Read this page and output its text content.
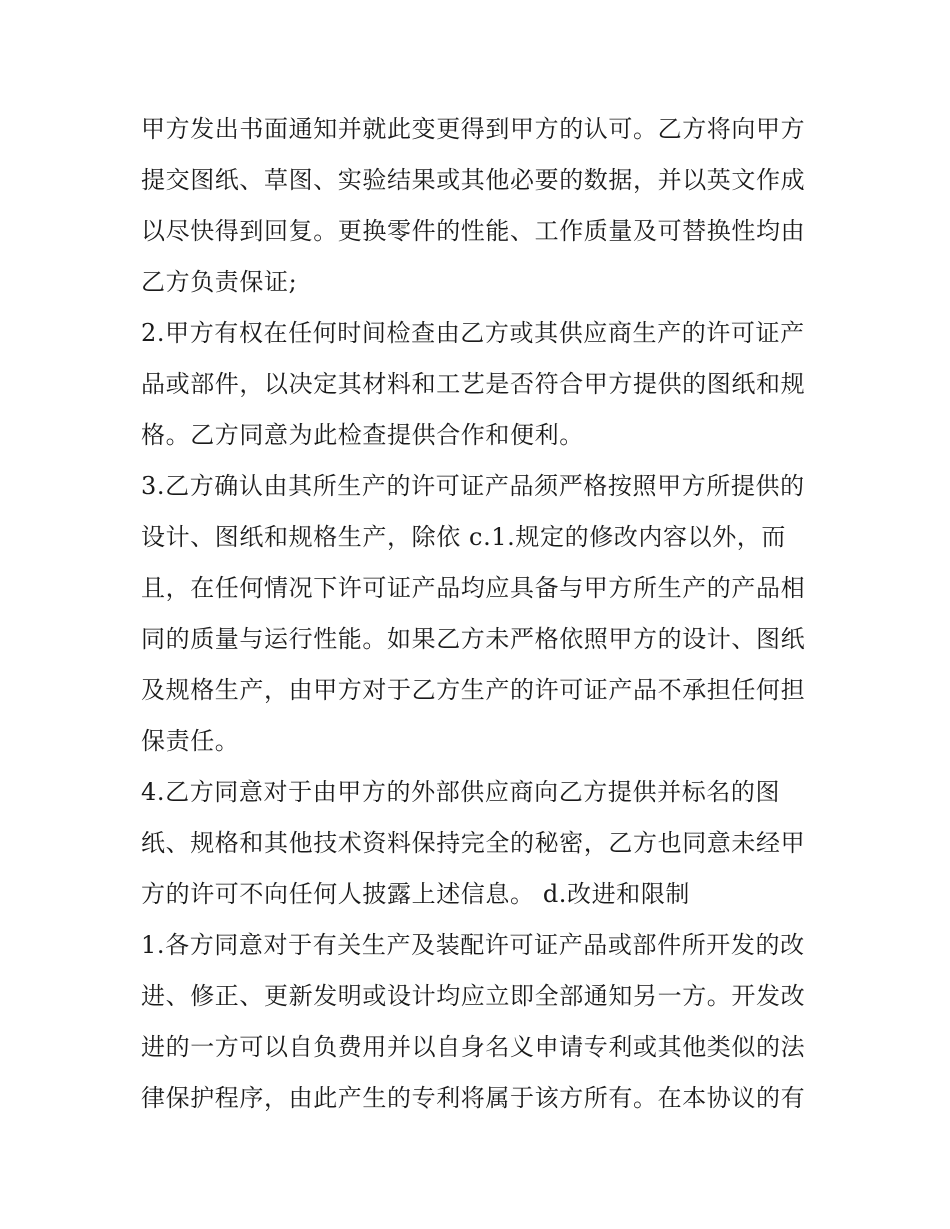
甲方发出书面通知并就此变更得到甲方的认可。乙方将向甲方
提交图纸、草图、实验结果或其他必要的数据，并以英文作成
以尽快得到回复。更换零件的性能、工作质量及可替换性均由
乙方负责保证;
2.甲方有权在任何时间检查由乙方或其供应商生产的许可证产
品或部件，以决定其材料和工艺是否符合甲方提供的图纸和规
格。乙方同意为此检查提供合作和便利。
3.乙方确认由其所生产的许可证产品须严格按照甲方所提供的
设计、图纸和规格生产，除依 c.1.规定的修改内容以外，而
且，在任何情况下许可证产品均应具备与甲方所生产的产品相
同的质量与运行性能。如果乙方未严格依照甲方的设计、图纸
及规格生产，由甲方对于乙方生产的许可证产品不承担任何担
保责任。
4.乙方同意对于由甲方的外部供应商向乙方提供并标名的图
纸、规格和其他技术资料保持完全的秘密，乙方也同意未经甲
方的许可不向任何人披露上述信息。 d.改进和限制
1.各方同意对于有关生产及装配许可证产品或部件所开发的改
进、修正、更新发明或设计均应立即全部通知另一方。开发改
进的一方可以自负费用并以自身名义申请专利或其他类似的法
律保护程序，由此产生的专利将属于该方所有。在本协议的有
